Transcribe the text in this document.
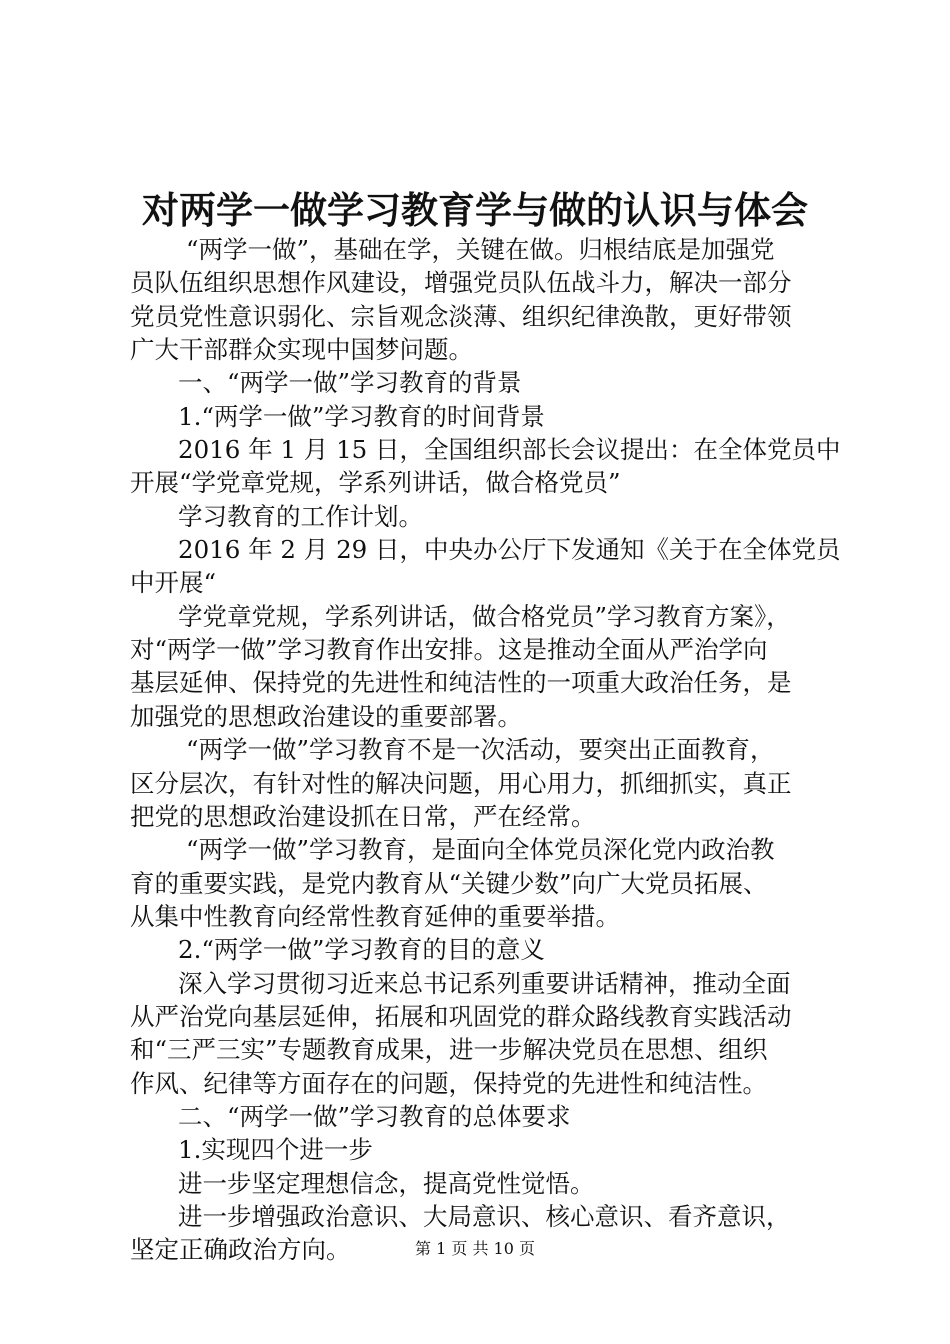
对两学一做学习教育学与做的认识与体会
“两学一做”，基础在学，关键在做。归根结底是加强党
员队伍组织思想作风建设，增强党员队伍战斗力，解决一部分
党员党性意识弱化、宗旨观念淡薄、组织纪律涣散，更好带领
广大干部群众实现中国梦问题。
一、“两学一做”学习教育的背景
1.“两学一做”学习教育的时间背景
2016 年 1 月 15 日，全国组织部长会议提出：在全体党员中
开展“学党章党规，学系列讲话，做合格党员”
学习教育的工作计划。
2016 年 2 月 29 日，中央办公厅下发通知《关于在全体党员
中开展“
学党章党规，学系列讲话，做合格党员”学习教育方案》，
对“两学一做”学习教育作出安排。这是推动全面从严治学向
基层延伸、保持党的先进性和纯洁性的一项重大政治任务，是
加强党的思想政治建设的重要部署。
“两学一做”学习教育不是一次活动，要突出正面教育，
区分层次，有针对性的解决问题，用心用力，抓细抓实，真正
把党的思想政治建设抓在日常，严在经常。
“两学一做”学习教育，是面向全体党员深化党内政治教
育的重要实践，是党内教育从“关键少数”向广大党员拓展、
从集中性教育向经常性教育延伸的重要举措。
2.“两学一做”学习教育的目的意义
深入学习贯彻习近来总书记系列重要讲话精神，推动全面
从严治党向基层延伸，拓展和巩固党的群众路线教育实践活动
和“三严三实”专题教育成果，进一步解决党员在思想、组织
作风、纪律等方面存在的问题，保持党的先进性和纯洁性。
二、“两学一做”学习教育的总体要求
1.实现四个进一步
进一步坚定理想信念，提高党性觉悟。
进一步增强政治意识、大局意识、核心意识、看齐意识，
坚定正确政治方向。	第 1 页 共 10 页
